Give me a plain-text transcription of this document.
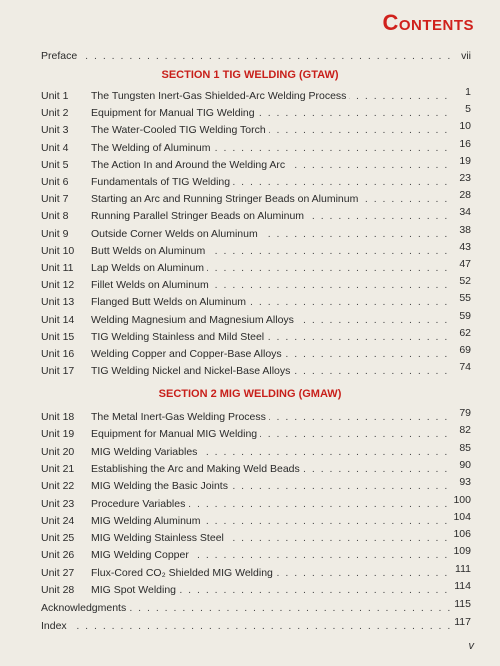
Contents
Preface . . .	vii
SECTION 1 TIG WELDING (GTAW)
Unit 1	The Tungsten Inert-Gas Shielded-Arc Welding Process . . .	1
Unit 2	Equipment for Manual TIG Welding . . .	5
Unit 3	The Water-Cooled TIG Welding Torch . . .	10
Unit 4	The Welding of Aluminum . . .	16
Unit 5	The Action In and Around the Welding Arc . . .	19
Unit 6	Fundamentals of TIG Welding . . .	23
Unit 7	Starting an Arc and Running Stringer Beads on Aluminum . . .	28
Unit 8	Running Parallel Stringer Beads on Aluminum . . .	34
Unit 9	Outside Corner Welds on Aluminum . . .	38
Unit 10	Butt Welds on Aluminum . . .	43
Unit 11	Lap Welds on Aluminum . . .	47
Unit 12	Fillet Welds on Aluminum . . .	52
Unit 13	Flanged Butt Welds on Aluminum . . .	55
Unit 14	Welding Magnesium and Magnesium Alloys . . .	59
Unit 15	TIG Welding Stainless and Mild Steel . . .	62
Unit 16	Welding Copper and Copper-Base Alloys . . .	69
Unit 17	TIG Welding Nickel and Nickel-Base Alloys . . .	74
SECTION 2 MIG WELDING (GMAW)
Unit 18	The Metal Inert-Gas Welding Process . . .	79
Unit 19	Equipment for Manual MIG Welding . . .	82
Unit 20	MIG Welding Variables . . .	85
Unit 21	Establishing the Arc and Making Weld Beads . . .	90
Unit 22	MIG Welding the Basic Joints . . .	93
Unit 23	Procedure Variables . . .	100
Unit 24	MIG Welding Aluminum . . .	104
Unit 25	MIG Welding Stainless Steel . . .	106
Unit 26	MIG Welding Copper . . .	109
Unit 27	Flux-Cored CO₂ Shielded MIG Welding . . .	111
Unit 28	MIG Spot Welding . . .	114
Acknowledgments . . .	115
Index . . .	117
v
